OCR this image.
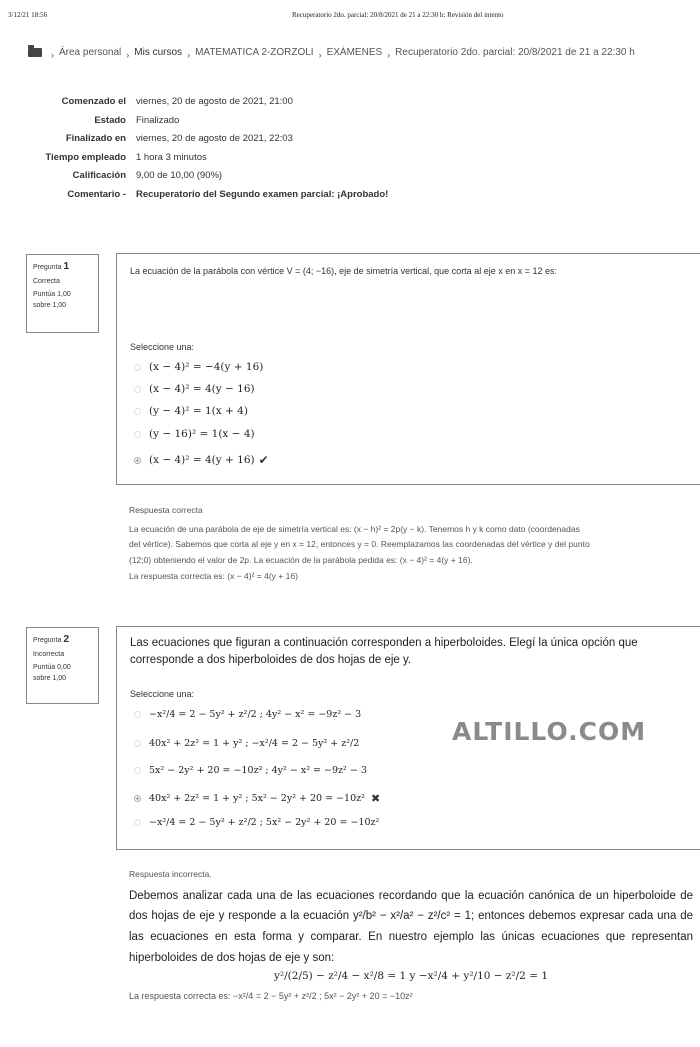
3/12/21 18:56	Recuperatorio 2do. parcial: 20/8/2021 de 21 a 22:30 h: Revisión del intento
› Área personal › Mis cursos › MATEMATICA 2-ZORZOLI › EXÁMENES › Recuperatorio 2do. parcial: 20/8/2021 de 21 a 22:30 h
Comenzado el viernes, 20 de agosto de 2021, 21:00
Estado Finalizado
Finalizado en viernes, 20 de agosto de 2021, 22:03
Tiempo empleado 1 hora 3 minutos
Calificación 9,00 de 10,00 (90%)
Comentario - Recuperatorio del Segundo examen parcial: ¡Aprobado!
Pregunta 1
Correcta
Puntúa 1,00
sobre 1,00
La ecuación de la parábola con vértice V = (4; −16), eje de simetría vertical, que corta al eje x en x = 12 es:
Seleccione una:
(x − 4)² = −4(y + 16)
(x − 4)² = 4(y − 16)
(y − 4)² = 1(x + 4)
(y − 16)² = 1(x − 4)
(x − 4)² = 4(y + 16) ✔
Respuesta correcta
La ecuación de una parábola de eje de simetría vertical es: (x − h)² = 2p(y − k). Tenemos h y k como dato (coordenadas
del vértice). Sabemos que corta al eje y en x = 12, entonces y = 0. Reemplazamos las coordenadas del vértice y del punto
(12;0) obteniendo el valor de 2p. La ecuación de la parábola pedida es: (x − 4)² = 4(y + 16).
La respuesta correcta es: (x − 4)² = 4(y + 16)
Pregunta 2
Incorrecta
Puntúa 0,00
sobre 1,00
Las ecuaciones que figuran a continuación corresponden a hiperboloides. Elegí la única opción que corresponde a dos hiperboloides de dos hojas de eje y.
Seleccione una:
−x²/4 = 2 − 5y² + z²/2 ; 4y² − x² = −9z² − 3
40x² + 2z² = 1 + y² ; −x²/4 = 2 − 5y² + z²/2
5x² − 2y² + 20 = −10z² ; 4y² − x² = −9z² − 3
40x² + 2z² = 1 + y² ; 5x² − 2y² + 20 = −10z² ✖
−x²/4 = 2 − 5y² + z²/2 ; 5x² − 2y² + 20 = −10z²
ALTILLO.COM
Respuesta incorrecta.
Debemos analizar cada una de las ecuaciones recordando que la ecuación canónica de un hiperboloide de dos hojas de eje y responde a la ecuación y²/b² − x²/a² − z²/c² = 1; entonces debemos expresar cada una de las ecuaciones en esta forma y comparar. En nuestro ejemplo las únicas ecuaciones que representan hiperboloides de dos hojas de eje y son:
y²/(2/5) − z²/4 − x²/8 = 1 y −x²/4 + y²/10 − z²/2 = 1
La respuesta correcta es: −x²/4 = 2 − 5y² + z²/2 ; 5x² − 2y² + 20 = −10z²
